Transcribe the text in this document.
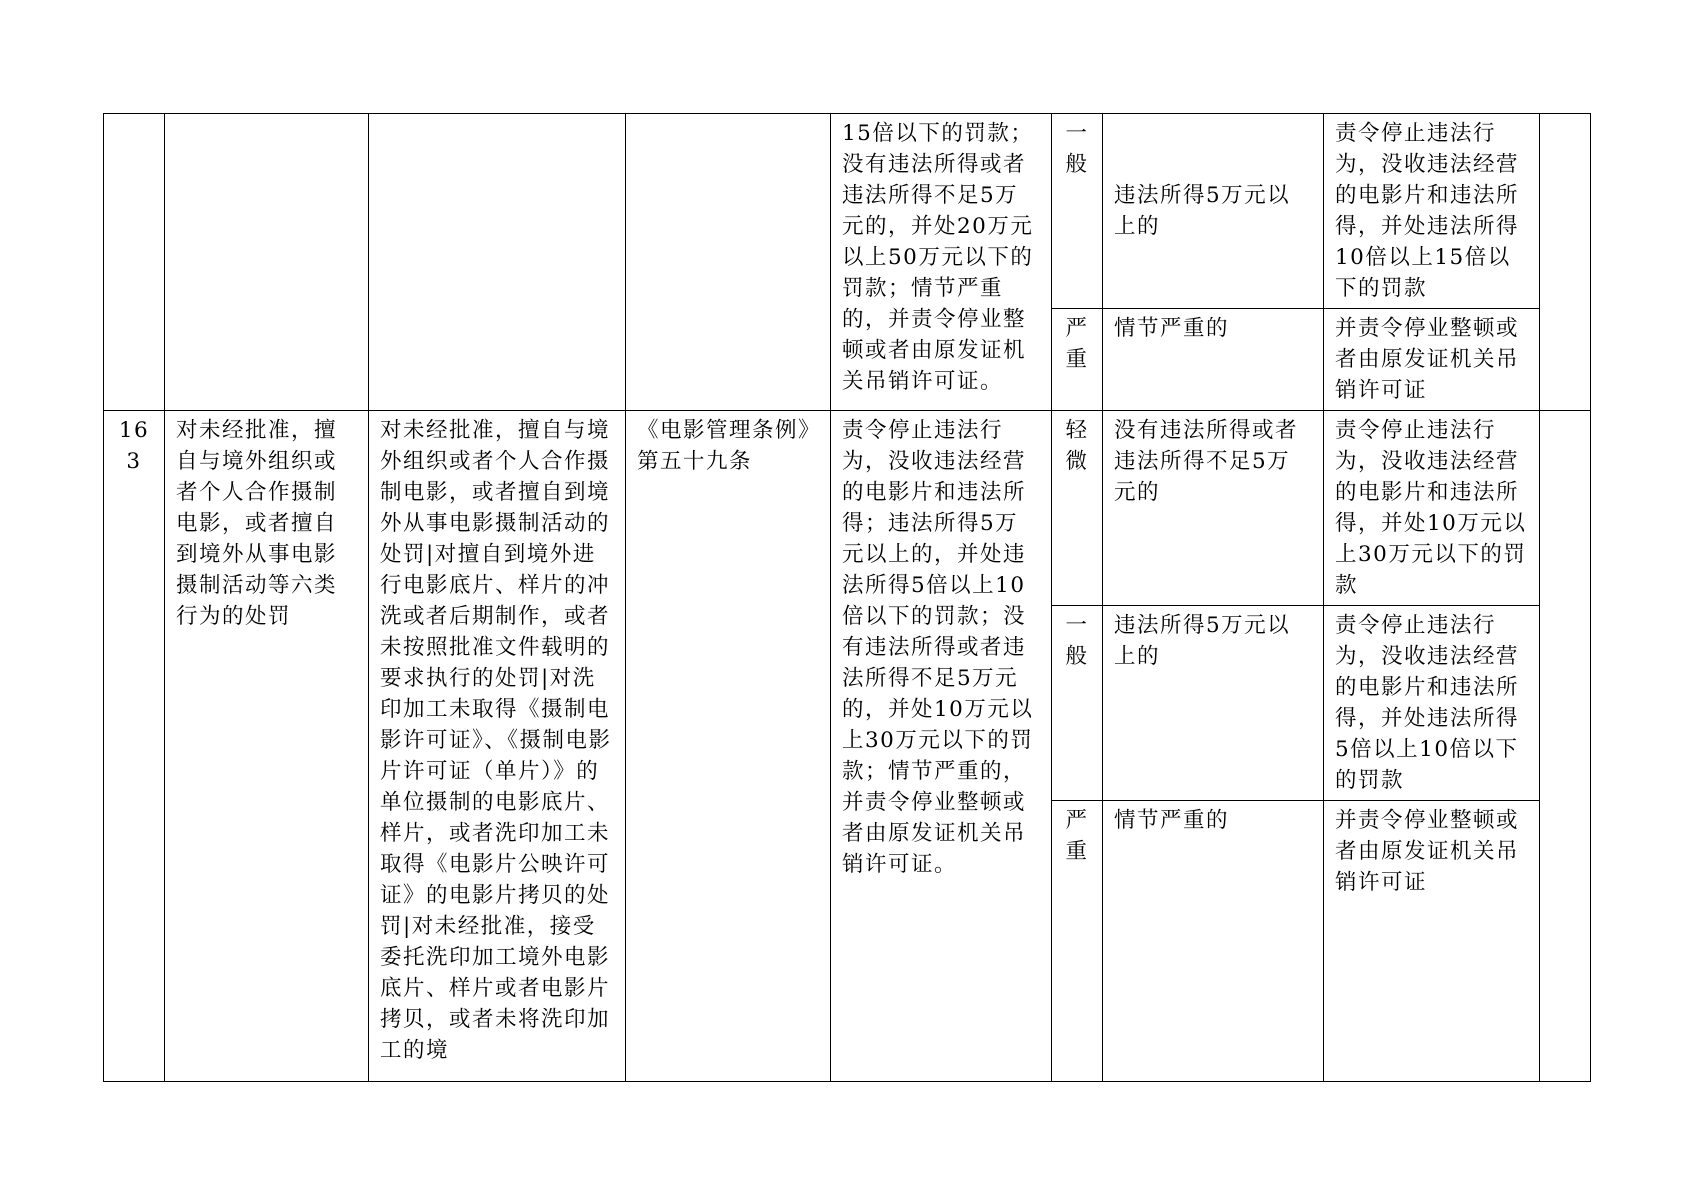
				15倍以下的罚款；没有违法所得或者违法所得不足5万元的，并处20万元以上50万元以下的罚款；情节严重的，并责令停业整顿或者由原发证机关吊销许可证。	一般	违法所得5万元以上的	责令停止违法行为，没收违法经营的电影片和违法所得，并处违法所得10倍以上15倍以下的罚款	
					严重	情节严重的	并责令停业整顿或者由原发证机关吊销许可证	
163	对未经批准，擅自与境外组织或者个人合作摄制电影，或者擅自到境外从事电影摄制活动等六类行为的处罚	对未经批准，擅自与境外组织或者个人合作摄制电影，或者擅自到境外从事电影摄制活动的处罚|对擅自到境外进行电影底片、样片的冲洗或者后期制作，或者未按照批准文件载明的要求执行的处罚|对洗印加工未取得《摄制电影许可证》、《摄制电影片许可证（单片）》的单位摄制的电影底片、样片，或者洗印加工未取得《电影片公映许可证》的电影片拷贝的处罚|对未经批准，接受委托洗印加工境外电影底片、样片或者电影片拷贝，或者未将洗印加工的境	《电影管理条例》第五十九条	责令停止违法行为，没收违法经营的电影片和违法所得；违法所得5万元以上的，并处违法所得5倍以上10倍以下的罚款；没有违法所得或者违法所得不足5万元的，并处10万元以上30万元以下的罚款；情节严重的，并责令停业整顿或者由原发证机关吊销许可证。	轻微	没有违法所得或者违法所得不足5万元的	责令停止违法行为，没收违法经营的电影片和违法所得，并处10万元以上30万元以下的罚款	
					一般	违法所得5万元以上的	责令停止违法行为，没收违法经营的电影片和违法所得，并处违法所得5倍以上10倍以下的罚款	
					严重	情节严重的	并责令停业整顿或者由原发证机关吊销许可证	
